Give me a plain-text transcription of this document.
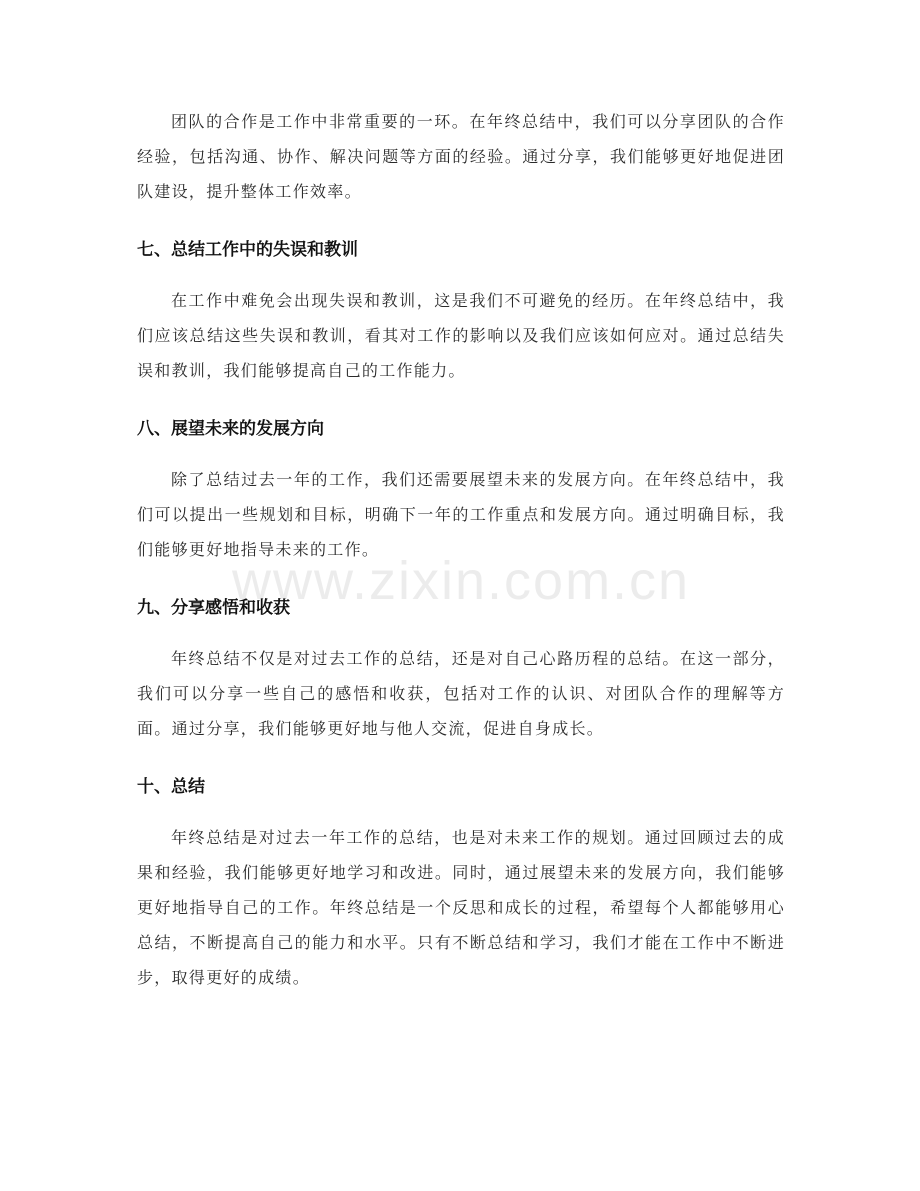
团队的合作是工作中非常重要的一环。在年终总结中，我们可以分享团队的合作经验，包括沟通、协作、解决问题等方面的经验。通过分享，我们能够更好地促进团队建设，提升整体工作效率。

七、总结工作中的失误和教训

在工作中难免会出现失误和教训，这是我们不可避免的经历。在年终总结中，我们应该总结这些失误和教训，看其对工作的影响以及我们应该如何应对。通过总结失误和教训，我们能够提高自己的工作能力。

八、展望未来的发展方向

除了总结过去一年的工作，我们还需要展望未来的发展方向。在年终总结中，我们可以提出一些规划和目标，明确下一年的工作重点和发展方向。通过明确目标，我们能够更好地指导未来的工作。

九、分享感悟和收获

年终总结不仅是对过去工作的总结，还是对自己心路历程的总结。在这一部分，我们可以分享一些自己的感悟和收获，包括对工作的认识、对团队合作的理解等方面。通过分享，我们能够更好地与他人交流，促进自身成长。

十、总结

年终总结是对过去一年工作的总结，也是对未来工作的规划。通过回顾过去的成果和经验，我们能够更好地学习和改进。同时，通过展望未来的发展方向，我们能够更好地指导自己的工作。年终总结是一个反思和成长的过程，希望每个人都能够用心总结，不断提高自己的能力和水平。只有不断总结和学习，我们才能在工作中不断进步，取得更好的成绩。

www.zixin.com.cn
